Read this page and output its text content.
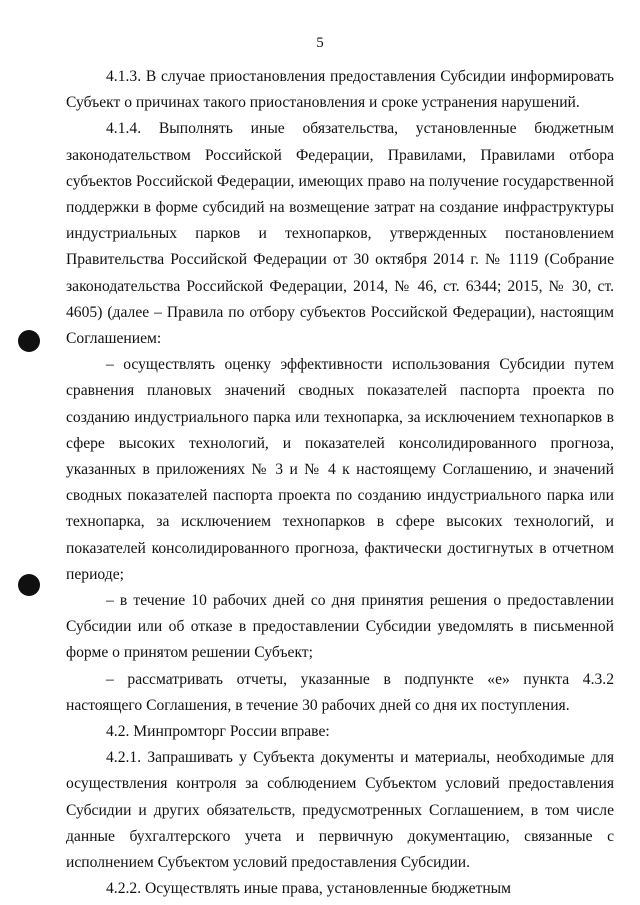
5

4.1.3. В случае приостановления предоставления Субсидии информировать Субъект о причинах такого приостановления и сроке устранения нарушений.

4.1.4. Выполнять иные обязательства, установленные бюджетным законодательством Российской Федерации, Правилами, Правилами отбора субъектов Российской Федерации, имеющих право на получение государственной поддержки в форме субсидий на возмещение затрат на создание инфраструктуры индустриальных парков и технопарков, утвержденных постановлением Правительства Российской Федерации от 30 октября 2014 г. № 1119 (Собрание законодательства Российской Федерации, 2014, № 46, ст. 6344; 2015, № 30, ст. 4605) (далее – Правила по отбору субъектов Российской Федерации), настоящим Соглашением:

– осуществлять оценку эффективности использования Субсидии путем сравнения плановых значений сводных показателей паспорта проекта по созданию индустриального парка или технопарка, за исключением технопарков в сфере высоких технологий, и показателей консолидированного прогноза, указанных в приложениях № 3 и № 4 к настоящему Соглашению, и значений сводных показателей паспорта проекта по созданию индустриального парка или технопарка, за исключением технопарков в сфере высоких технологий, и показателей консолидированного прогноза, фактически достигнутых в отчетном периоде;

– в течение 10 рабочих дней со дня принятия решения о предоставлении Субсидии или об отказе в предоставлении Субсидии уведомлять в письменной форме о принятом решении Субъект;

– рассматривать отчеты, указанные в подпункте «е» пункта 4.3.2 настоящего Соглашения, в течение 30 рабочих дней со дня их поступления.

4.2. Минпромторг России вправе:

4.2.1. Запрашивать у Субъекта документы и материалы, необходимые для осуществления контроля за соблюдением Субъектом условий предоставления Субсидии и других обязательств, предусмотренных Соглашением, в том числе данные бухгалтерского учета и первичную документацию, связанные с исполнением Субъектом условий предоставления Субсидии.

4.2.2. Осуществлять иные права, установленные бюджетным
